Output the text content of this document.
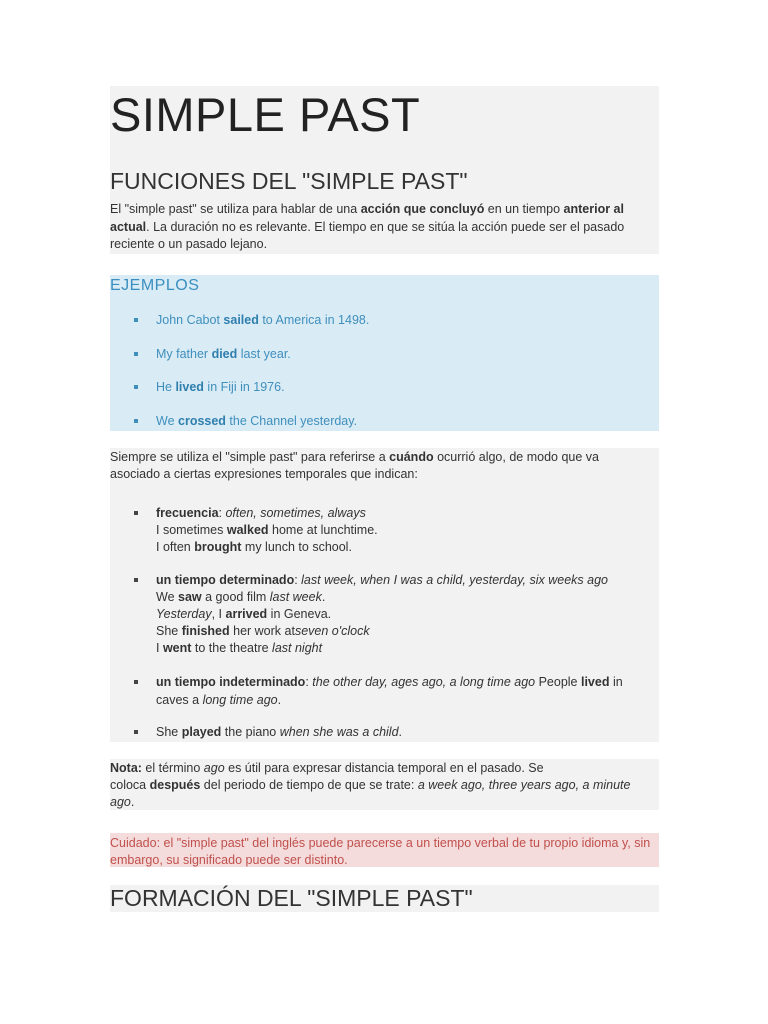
SIMPLE PAST
FUNCIONES DEL "SIMPLE PAST"

El "simple past" se utiliza para hablar de una acción que concluyó en un tiempo anterior al actual. La duración no es relevante. El tiempo en que se sitúa la acción puede ser el pasado reciente o un pasado lejano.

EJEMPLOS

John Cabot sailed to America in 1498.

My father died last year.

He lived in Fiji in 1976.

We crossed the Channel yesterday.

Siempre se utiliza el "simple past" para referirse a cuándo ocurrió algo, de modo que va

asociado a ciertas expresiones temporales que indican:

frecuencia: often, sometimes, always

I sometimes walked home at lunchtime.

I often brought my lunch to school.

un tiempo determinado: last week, when I was a child, yesterday, six weeks ago

We saw a good film last week.

Yesterday, I arrived in Geneva.

She finished her work atseven o'clock

I went to the theatre last night

un tiempo indeterminado: the other day, ages ago, a long time ago People lived in

caves a long time ago.

She played the piano when she was a child.

Nota: el término ago es útil para expresar distancia temporal en el pasado. Se

coloca después del periodo de tiempo de que se trate: a week ago, three years ago, a minute

ago.

Cuidado: el "simple past" del inglés puede parecerse a un tiempo verbal de tu propio idioma y, sin embargo, su significado puede ser distinto.

FORMACIÓN DEL "SIMPLE PAST"
